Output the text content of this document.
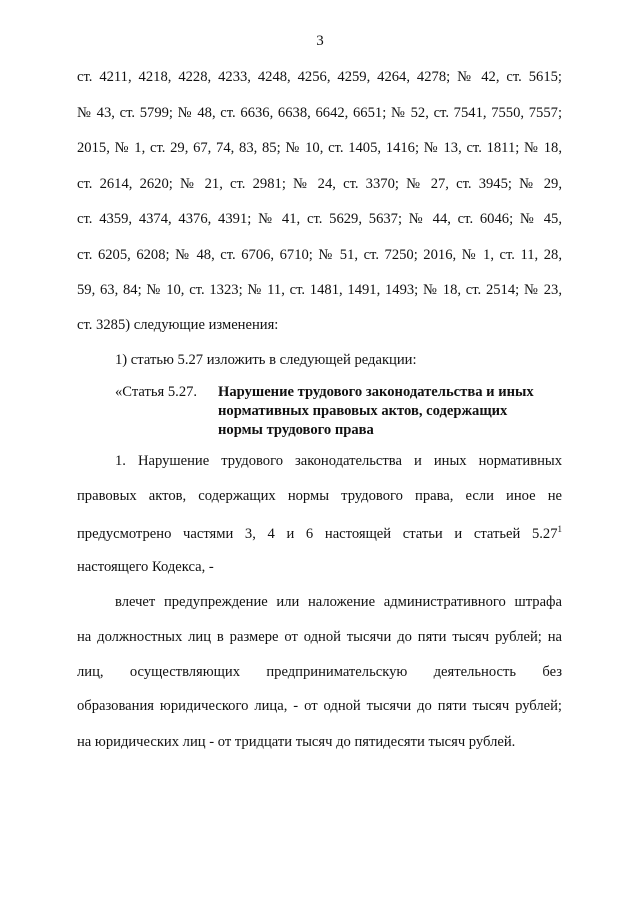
3
ст. 4211, 4218, 4228, 4233, 4248, 4256, 4259, 4264, 4278; № 42, ст. 5615;
№ 43, ст. 5799; № 48, ст. 6636, 6638, 6642, 6651; № 52, ст. 7541, 7550, 7557;
2015, № 1, ст. 29, 67, 74, 83, 85; № 10, ст. 1405, 1416; № 13, ст. 1811; № 18,
ст. 2614, 2620; № 21, ст. 2981; № 24, ст. 3370; № 27, ст. 3945; № 29,
ст. 4359, 4374, 4376, 4391; № 41, ст. 5629, 5637; № 44, ст. 6046; № 45,
ст. 6205, 6208; № 48, ст. 6706, 6710; № 51, ст. 7250; 2016, № 1, ст. 11, 28,
59, 63, 84; № 10, ст. 1323; № 11, ст. 1481, 1491, 1493; № 18, ст. 2514; № 23,
ст. 3285) следующие изменения:
1) статью 5.27 изложить в следующей редакции:
«Статья 5.27. Нарушение трудового законодательства и иных
нормативных правовых актов, содержащих
нормы трудового права
1. Нарушение трудового законодательства и иных нормативных
правовых актов, содержащих нормы трудового права, если иное не
предусмотрено частями 3, 4 и 6 настоящей статьи и статьей 5.27$^1$
настоящего Кодекса, -
влечет предупреждение или наложение административного штрафа
на должностных лиц в размере от одной тысячи до пяти тысяч рублей; на
лиц, осуществляющих предпринимательскую деятельность без
образования юридического лица, - от одной тысячи до пяти тысяч рублей;
на юридических лиц - от тридцати тысяч до пятидесяти тысяч рублей.
